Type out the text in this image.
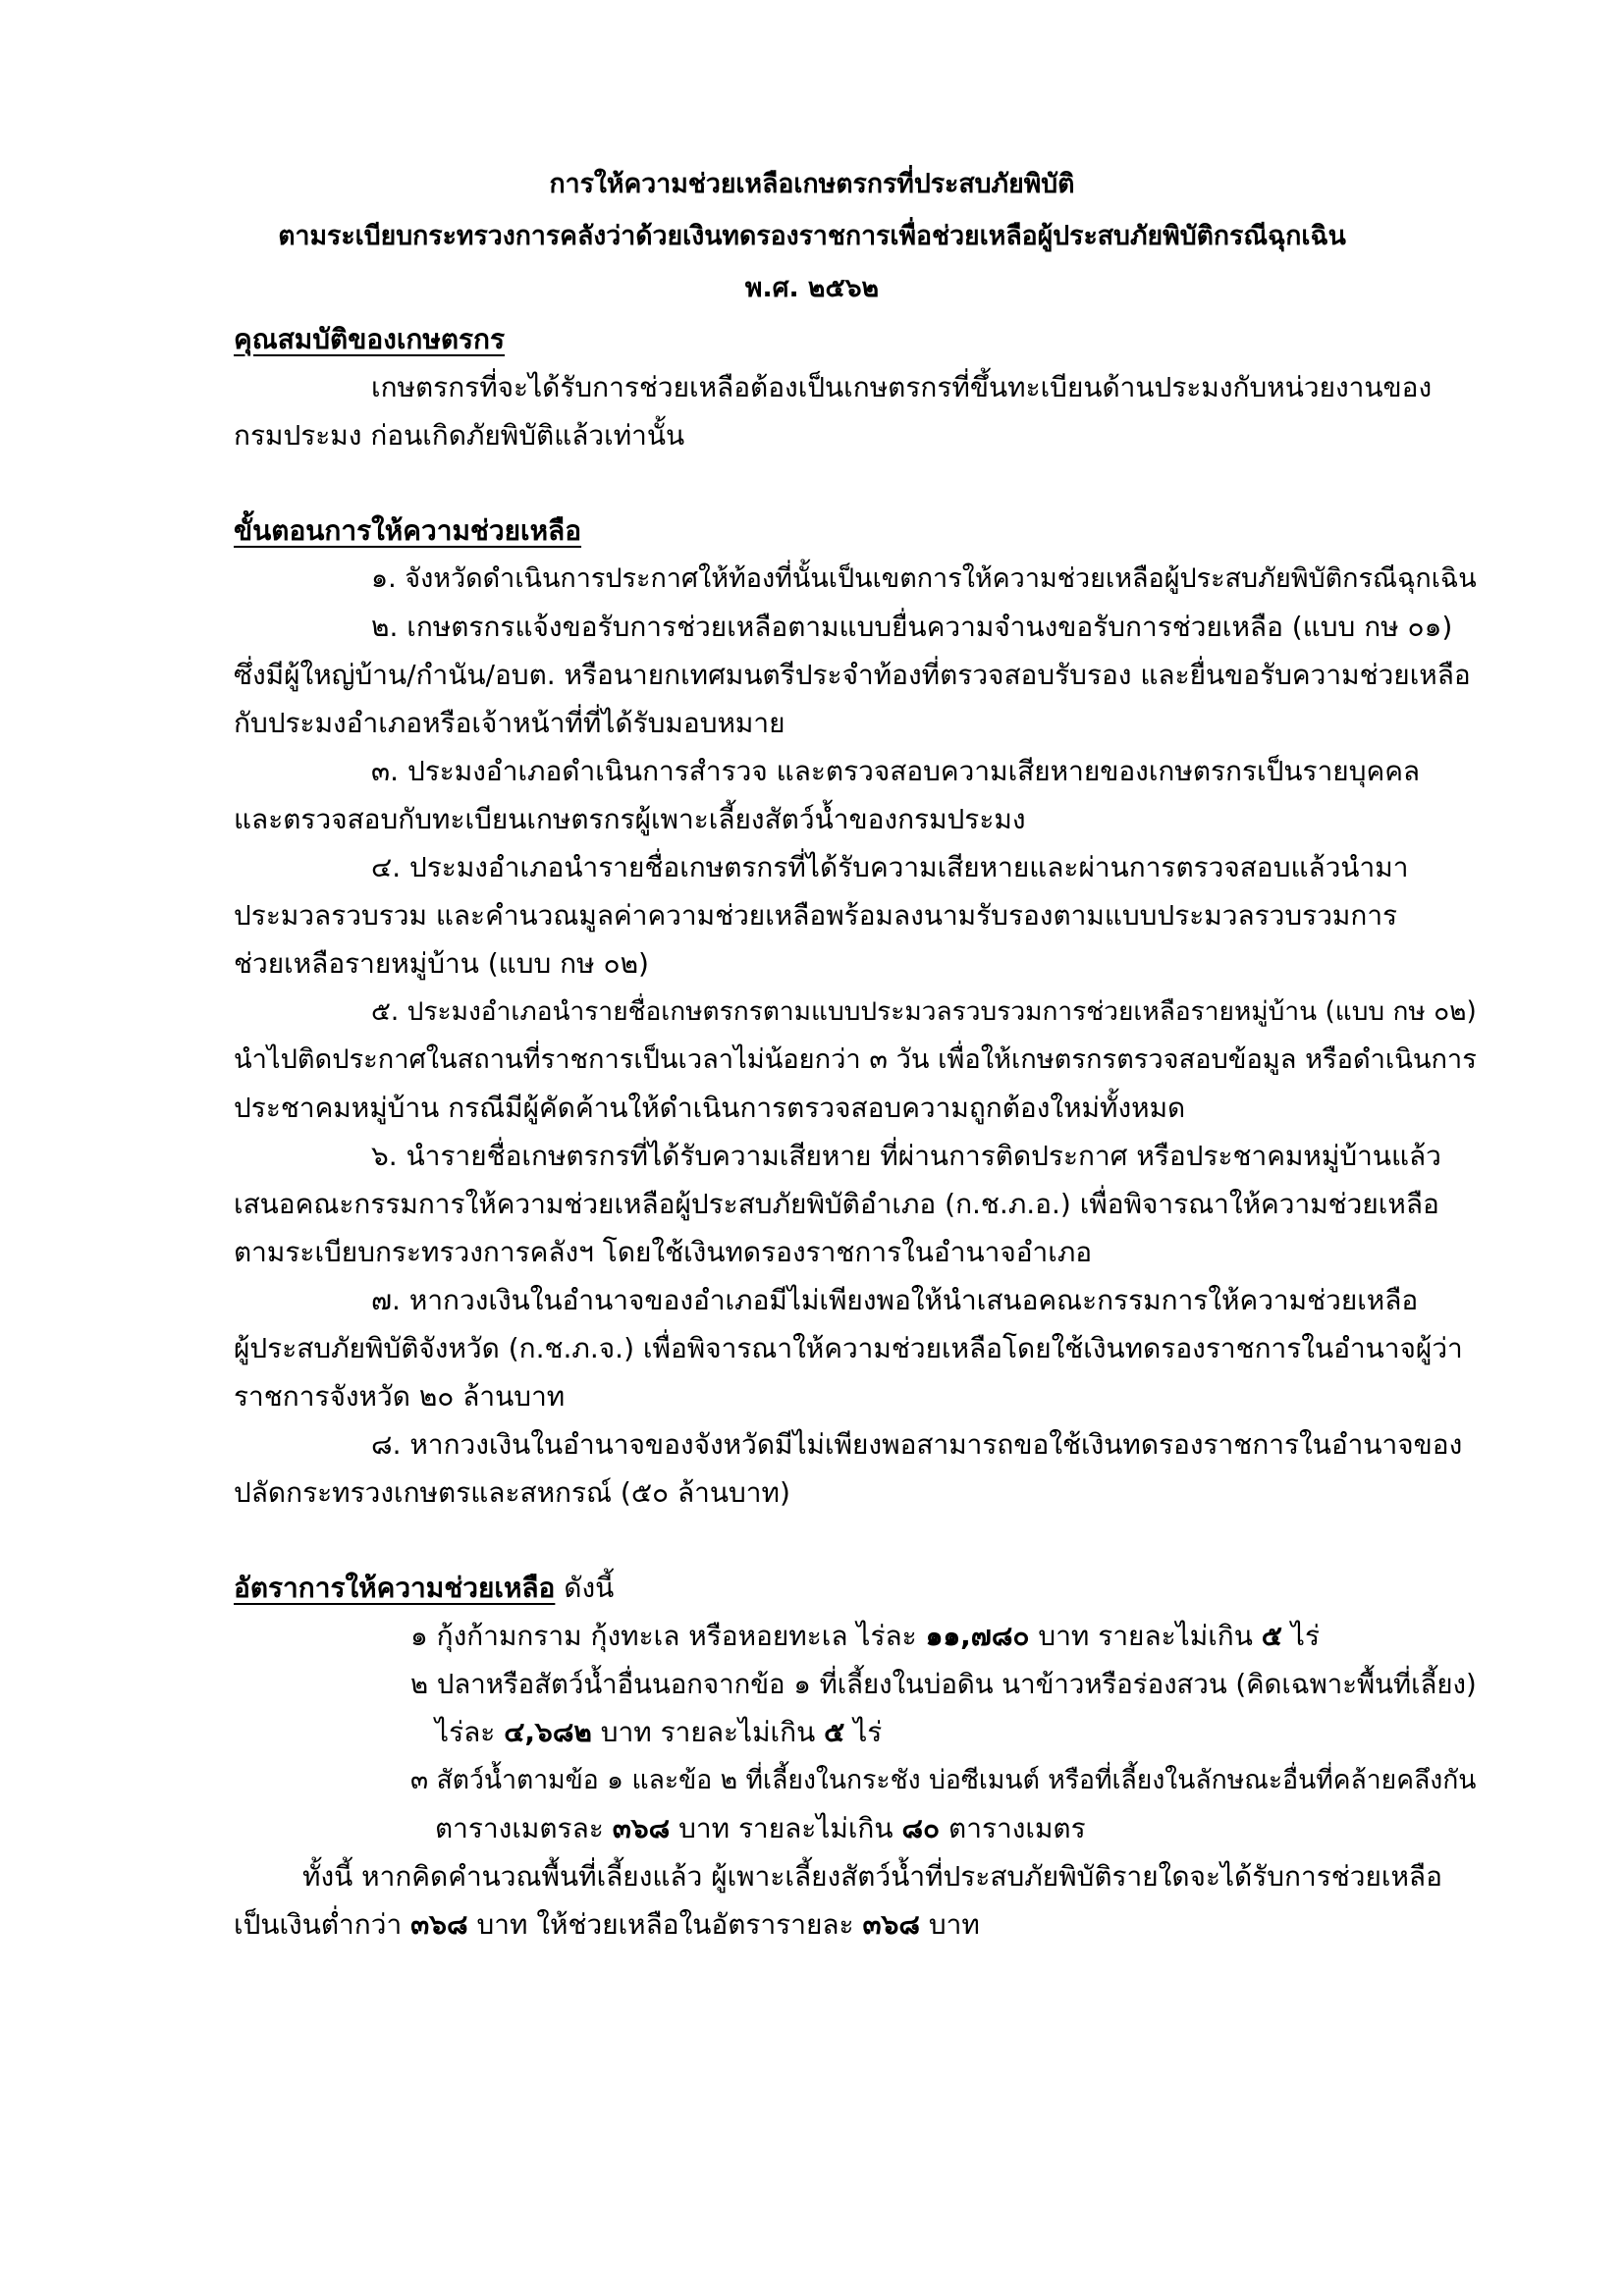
การให้ความช่วยเหลือเกษตรกรที่ประสบภัยพิบัติ
ตามระเบียบกระทรวงการคลังว่าด้วยเงินทดรองราชการเพื่อช่วยเหลือผู้ประสบภัยพิบัติกรณีฉุกเฉิน
พ.ศ. ๒๕๖๒
คุณสมบัติของเกษตรกร
เกษตรกรที่จะได้รับการช่วยเหลือต้องเป็นเกษตรกรที่ขึ้นทะเบียนด้านประมงกับหน่วยงานของ
กรมประมง ก่อนเกิดภัยพิบัติแล้วเท่านั้น
ขั้นตอนการให้ความช่วยเหลือ
๑. จังหวัดดำเนินการประกาศให้ท้องที่นั้นเป็นเขตการให้ความช่วยเหลือผู้ประสบภัยพิบัติกรณีฉุกเฉิน
๒. เกษตรกรแจ้งขอรับการช่วยเหลือตามแบบยื่นความจำนงขอรับการช่วยเหลือ (แบบ กษ ๐๑)
ซึ่งมีผู้ใหญ่บ้าน/กำนัน/อบต. หรือนายกเทศมนตรีประจำท้องที่ตรวจสอบรับรอง และยื่นขอรับความช่วยเหลือ
กับประมงอำเภอหรือเจ้าหน้าที่ที่ได้รับมอบหมาย
๓. ประมงอำเภอดำเนินการสำรวจ และตรวจสอบความเสียหายของเกษตรกรเป็นรายบุคคล
และตรวจสอบกับทะเบียนเกษตรกรผู้เพาะเลี้ยงสัตว์น้ำของกรมประมง
๔. ประมงอำเภอนำรายชื่อเกษตรกรที่ได้รับความเสียหายและผ่านการตรวจสอบแล้วนำมา
ประมวลรวบรวม และคำนวณมูลค่าความช่วยเหลือพร้อมลงนามรับรองตามแบบประมวลรวบรวมการ
ช่วยเหลือรายหมู่บ้าน (แบบ กษ ๐๒)
๕. ประมงอำเภอนำรายชื่อเกษตรกรตามแบบประมวลรวบรวมการช่วยเหลือรายหมู่บ้าน (แบบ กษ ๐๒)
นำไปติดประกาศในสถานที่ราชการเป็นเวลาไม่น้อยกว่า ๓ วัน เพื่อให้เกษตรกรตรวจสอบข้อมูล หรือดำเนินการ
ประชาคมหมู่บ้าน กรณีมีผู้คัดค้านให้ดำเนินการตรวจสอบความถูกต้องใหม่ทั้งหมด
๖. นำรายชื่อเกษตรกรที่ได้รับความเสียหาย ที่ผ่านการติดประกาศ หรือประชาคมหมู่บ้านแล้ว
เสนอคณะกรรมการให้ความช่วยเหลือผู้ประสบภัยพิบัติอำเภอ (ก.ช.ภ.อ.) เพื่อพิจารณาให้ความช่วยเหลือ
ตามระเบียบกระทรวงการคลังฯ โดยใช้เงินทดรองราชการในอำนาจอำเภอ
๗. หากวงเงินในอำนาจของอำเภอมีไม่เพียงพอให้นำเสนอคณะกรรมการให้ความช่วยเหลือ
ผู้ประสบภัยพิบัติจังหวัด (ก.ช.ภ.จ.) เพื่อพิจารณาให้ความช่วยเหลือโดยใช้เงินทดรองราชการในอำนาจผู้ว่า
ราชการจังหวัด ๒๐ ล้านบาท
๘. หากวงเงินในอำนาจของจังหวัดมีไม่เพียงพอสามารถขอใช้เงินทดรองราชการในอำนาจของ
ปลัดกระทรวงเกษตรและสหกรณ์ (๕๐ ล้านบาท)
อัตราการให้ความช่วยเหลือ ดังนี้
๑ กุ้งก้ามกราม กุ้งทะเล หรือหอยทะเล ไร่ละ ๑๑,๗๘๐ บาท รายละไม่เกิน ๕ ไร่
๒ ปลาหรือสัตว์น้ำอื่นนอกจากข้อ ๑ ที่เลี้ยงในบ่อดิน นาข้าวหรือร่องสวน (คิดเฉพาะพื้นที่เลี้ยง)
ไร่ละ ๔,๖๘๒ บาท รายละไม่เกิน ๕ ไร่
๓ สัตว์น้ำตามข้อ ๑ และข้อ ๒ ที่เลี้ยงในกระชัง บ่อซีเมนต์ หรือที่เลี้ยงในลักษณะอื่นที่คล้ายคลึงกัน
ตารางเมตรละ ๓๖๘ บาท รายละไม่เกิน ๘๐ ตารางเมตร
ทั้งนี้ หากคิดคำนวณพื้นที่เลี้ยงแล้ว ผู้เพาะเลี้ยงสัตว์น้ำที่ประสบภัยพิบัติรายใดจะได้รับการช่วยเหลือ
เป็นเงินต่ำกว่า ๓๖๘ บาท ให้ช่วยเหลือในอัตรารายละ ๓๖๘ บาท
